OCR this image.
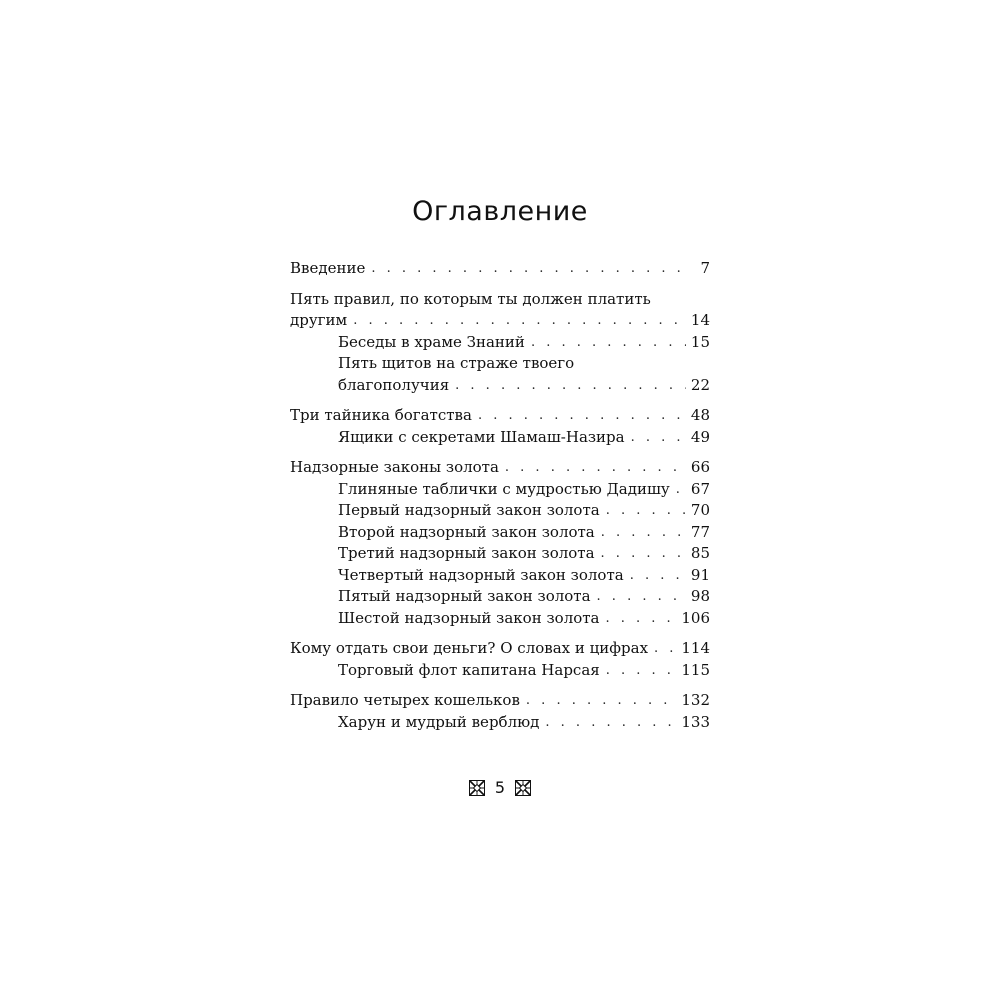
Оглавление
Введение . . .	7
Пять правил, по которым ты должен платить
другим . . .	14
Беседы в храме Знаний . . .	15
Пять щитов на страже твоего
благополучия . . .	22
Три тайника богатства . . .	48
Ящики с секретами Шамаш-Назира . . .	49
Надзорные законы золота . . .	66
Глиняные таблички с мудростью Дадишу . . . 67
Первый надзорный закон золота . . .	70
Второй надзорный закон золота . . .	77
Третий надзорный закон золота . . .	85
Четвертый надзорный закон золота . . .	91
Пятый надзорный закон золота . . .	98
Шестой надзорный закон золота . . .	106
Кому отдать свои деньги? О словах и цифрах . . . 114
Торговый флот капитана Нарсая . . .	115
Правило четырех кошельков . . .	132
Харун и мудрый верблюд . . .	133
5
